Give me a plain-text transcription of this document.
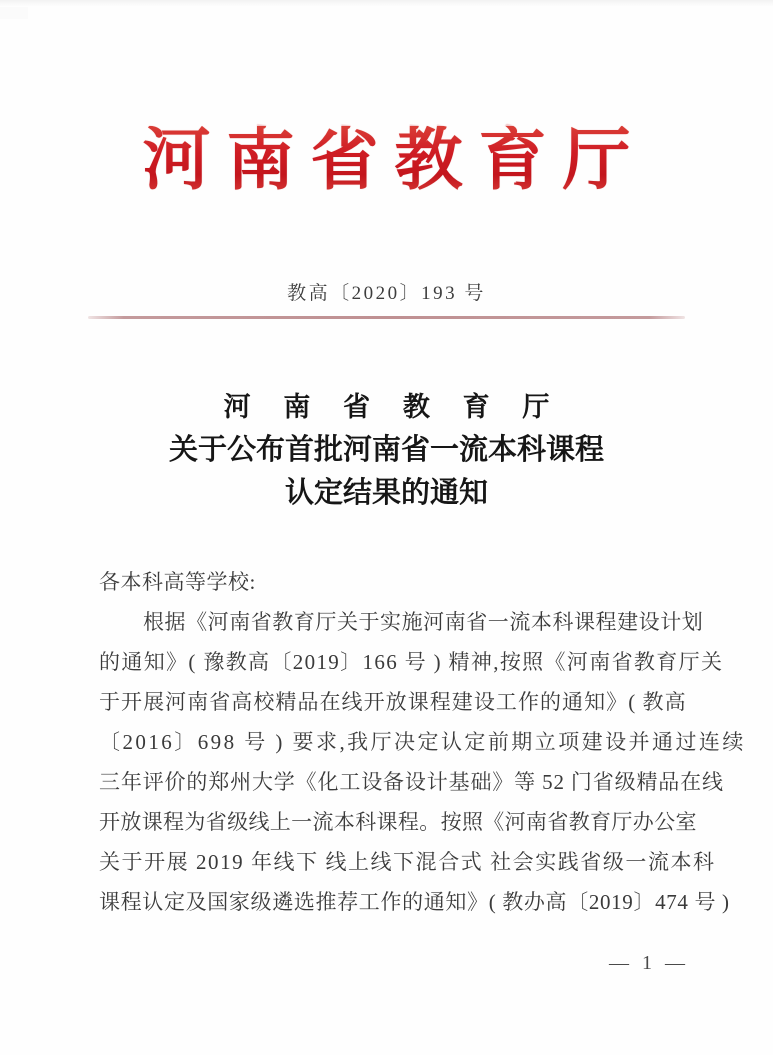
河南省教育厅
教高〔2020〕193 号
河 南 省 教 育 厅
关于公布首批河南省一流本科课程
认定结果的通知
各本科高等学校:
根据《河南省教育厅关于实施河南省一流本科课程建设计划
的通知》( 豫教高〔2019〕166 号 ) 精神,按照《河南省教育厅关
于开展河南省高校精品在线开放课程建设工作的通知》( 教高
〔2016〕698 号 ) 要求,我厅决定认定前期立项建设并通过连续
三年评价的郑州大学《化工设备设计基础》等 52 门省级精品在线
开放课程为省级线上一流本科课程。按照《河南省教育厅办公室
关于开展 2019 年线下 线上线下混合式 社会实践省级一流本科
课程认定及国家级遴选推荐工作的通知》( 教办高〔2019〕474 号 )
— 1 —
